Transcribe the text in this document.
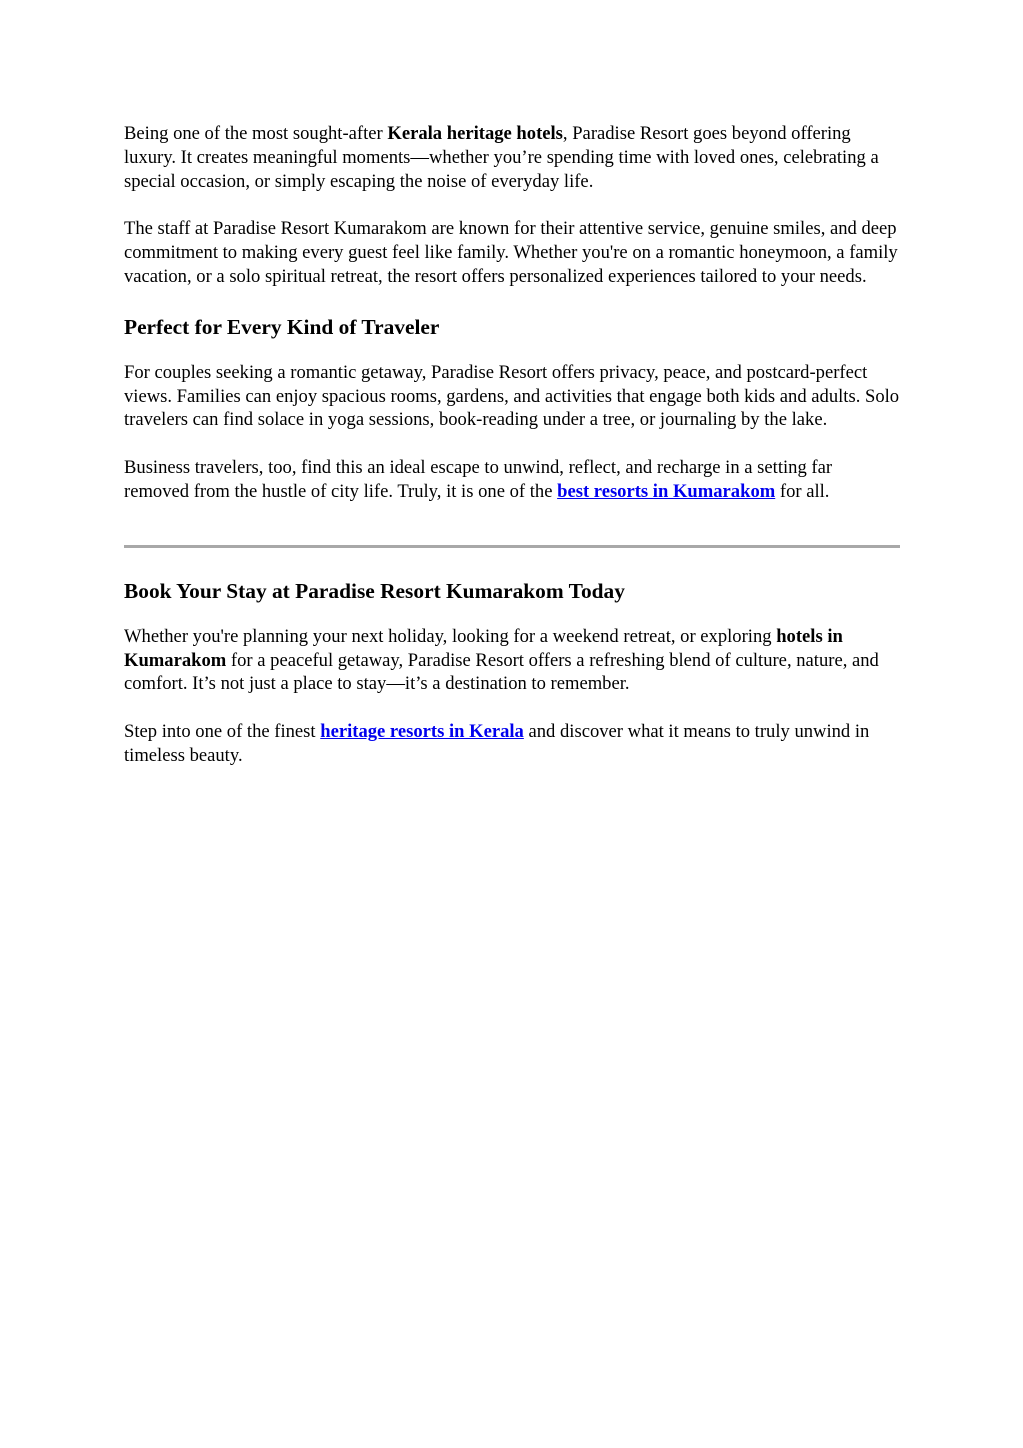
Being one of the most sought-after Kerala heritage hotels, Paradise Resort goes beyond offering luxury. It creates meaningful moments—whether you’re spending time with loved ones, celebrating a special occasion, or simply escaping the noise of everyday life.

The staff at Paradise Resort Kumarakom are known for their attentive service, genuine smiles, and deep commitment to making every guest feel like family. Whether you're on a romantic honeymoon, a family vacation, or a solo spiritual retreat, the resort offers personalized experiences tailored to your needs.

Perfect for Every Kind of Traveler

For couples seeking a romantic getaway, Paradise Resort offers privacy, peace, and postcard-perfect views. Families can enjoy spacious rooms, gardens, and activities that engage both kids and adults. Solo travelers can find solace in yoga sessions, book-reading under a tree, or journaling by the lake.

Business travelers, too, find this an ideal escape to unwind, reflect, and recharge in a setting far removed from the hustle of city life. Truly, it is one of the best resorts in Kumarakom for all.

Book Your Stay at Paradise Resort Kumarakom Today

Whether you're planning your next holiday, looking for a weekend retreat, or exploring hotels in Kumarakom for a peaceful getaway, Paradise Resort offers a refreshing blend of culture, nature, and comfort. It’s not just a place to stay—it’s a destination to remember.

Step into one of the finest heritage resorts in Kerala and discover what it means to truly unwind in timeless beauty.
